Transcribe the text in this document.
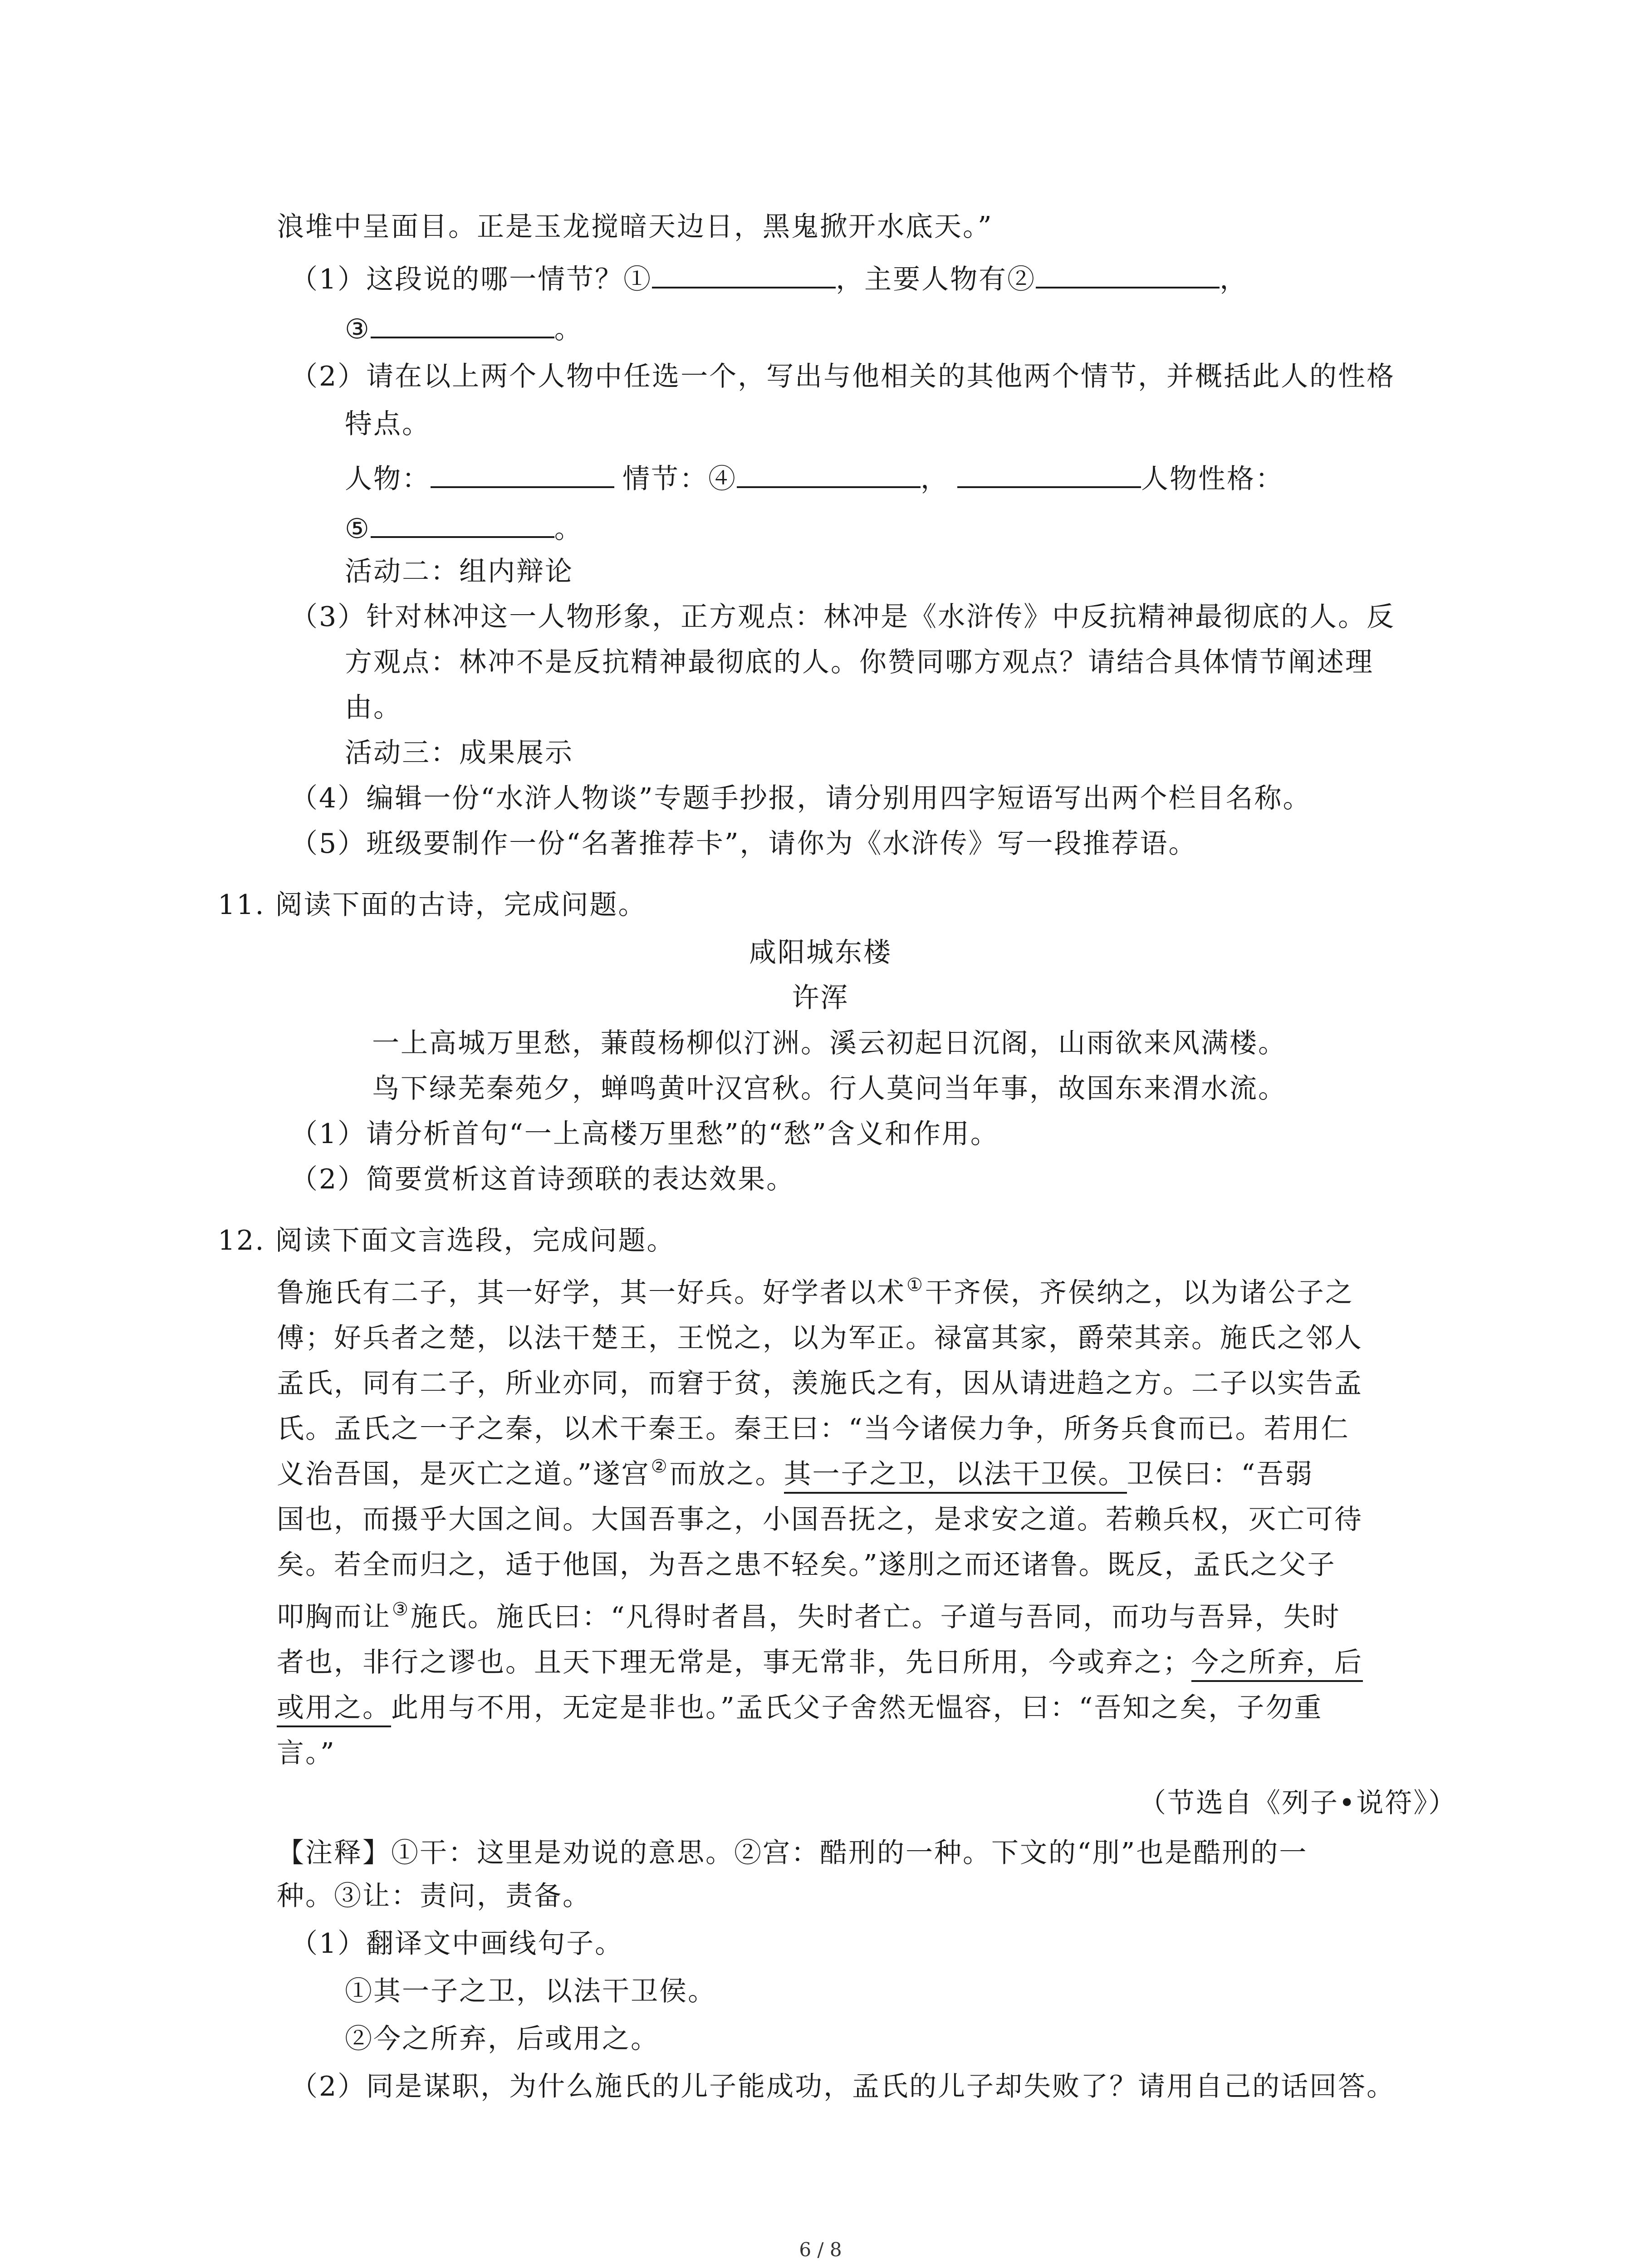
浪堆中呈面目。正是玉龙搅暗天边日，黑鬼掀开水底天。”
（1）这段说的哪一情节？①	，主要人物有②	，
③	。
（2）请在以上两个人物中任选一个，写出与他相关的其他两个情节，并概括此人的性格
特点。
人物：	情节：④	，	人物性格：
⑤	。
活动二：组内辩论
（3）针对林冲这一人物形象，正方观点：林冲是《水浒传》中反抗精神最彻底的人。反
方观点：林冲不是反抗精神最彻底的人。你赞同哪方观点？请结合具体情节阐述理
由。
活动三：成果展示
（4）编辑一份“水浒人物谈”专题手抄报，请分别用四字短语写出两个栏目名称。
（5）班级要制作一份“名著推荐卡”，请你为《水浒传》写一段推荐语。
11. 阅读下面的古诗，完成问题。
咸阳城东楼
许浑
一上高城万里愁，蒹葭杨柳似汀洲。溪云初起日沉阁，山雨欲来风满楼。
鸟下绿芜秦苑夕，蝉鸣黄叶汉宫秋。行人莫问当年事，故国东来渭水流。
（1）请分析首句“一上高楼万里愁”的“愁”含义和作用。
（2）简要赏析这首诗颈联的表达效果。
12. 阅读下面文言选段，完成问题。
鲁施氏有二子，其一好学，其一好兵。好学者以术①干齐侯，齐侯纳之，以为诸公子之
傅；好兵者之楚，以法干楚王，王悦之，以为军正。禄富其家，爵荣其亲。施氏之邻人
孟氏，同有二子，所业亦同，而窘于贫，羡施氏之有，因从请进趋之方。二子以实告孟
氏。孟氏之一子之秦，以术干秦王。秦王曰：“当今诸侯力争，所务兵食而已。若用仁
义治吾国，是灭亡之道。”遂宫②而放之。其一子之卫，以法干卫侯。卫侯曰：“吾弱
国也，而摄乎大国之间。大国吾事之，小国吾抚之，是求安之道。若赖兵权，灭亡可待
矣。若全而归之，适于他国，为吾之患不轻矣。”遂刖之而还诸鲁。既反，孟氏之父子
叩胸而让③施氏。施氏曰：“凡得时者昌，失时者亡。子道与吾同，而功与吾异，失时
者也，非行之谬也。且天下理无常是，事无常非，先日所用，今或弃之；今之所弃，后
或用之。此用与不用，无定是非也。”孟氏父子舍然无愠容，曰：“吾知之矣，子勿重
言。”
（节选自《列子•说符》）
【注释】①干：这里是劝说的意思。②宫：酷刑的一种。下文的“刖”也是酷刑的一
种。③让：责问，责备。
（1）翻译文中画线句子。
①其一子之卫，以法干卫侯。
②今之所弃，后或用之。
（2）同是谋职，为什么施氏的儿子能成功，孟氏的儿子却失败了？请用自己的话回答。
6 / 8
